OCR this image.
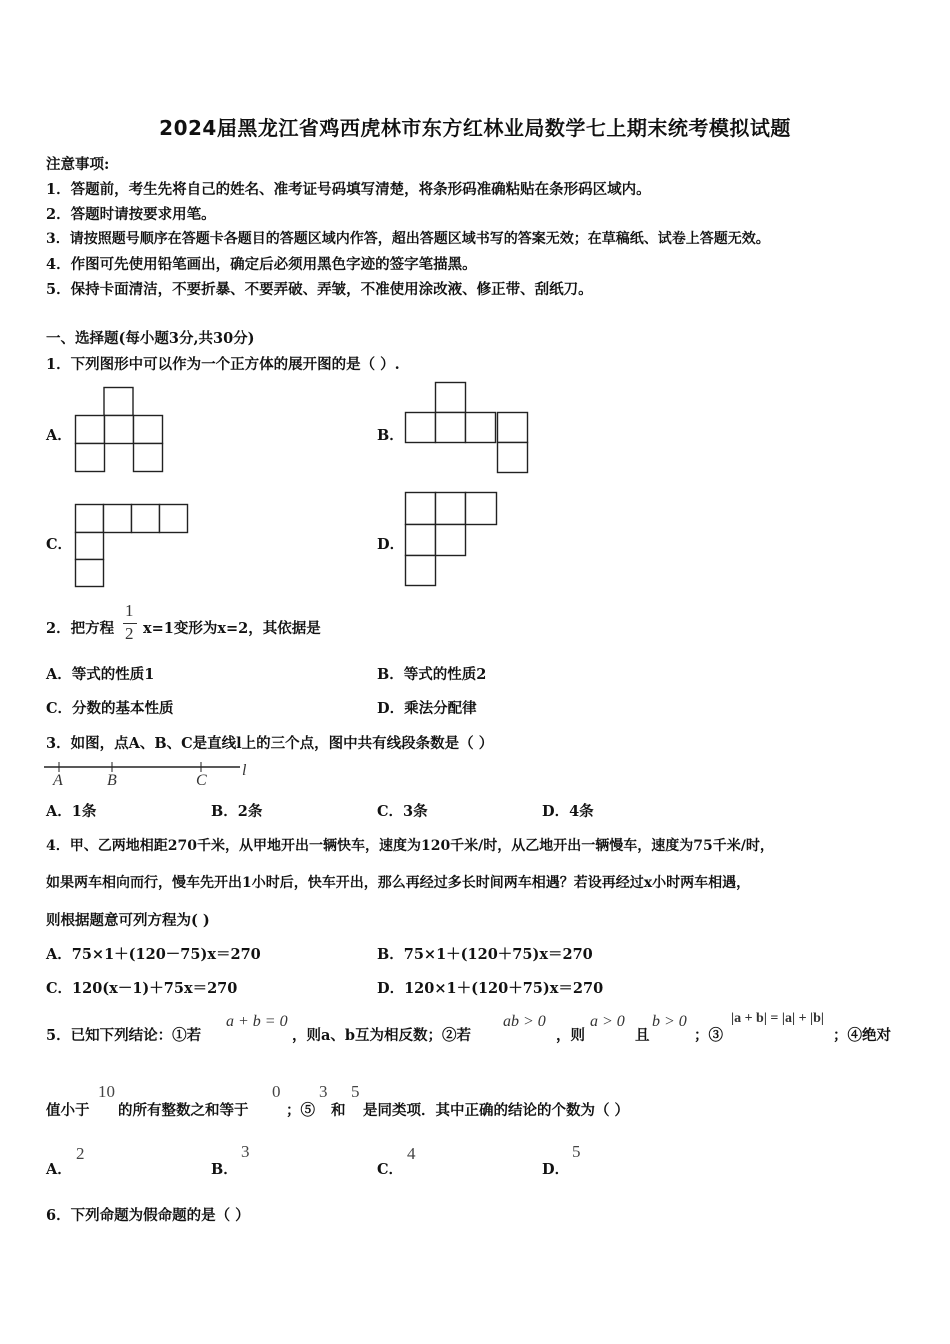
2024届黑龙江省鸡西虎林市东方红林业局数学七上期末统考模拟试题
注意事项:
1．答题前，考生先将自己的姓名、准考证号码填写清楚，将条形码准确粘贴在条形码区域内。
2．答题时请按要求用笔。
3．请按照题号顺序在答题卡各题目的答题区域内作答，超出答题区域书写的答案无效；在草稿纸、试卷上答题无效。
4．作图可先使用铅笔画出，确定后必须用黑色字迹的签字笔描黑。
5．保持卡面清洁，不要折暴、不要弄破、弄皱，不准使用涂改液、修正带、刮纸刀。
一、选择题(每小题3分,共30分)
1．下列图形中可以作为一个正方体的展开图的是（ ）.
A．	B．
C．	D．
2．把方程
1
2 x=1变形为x=2，其依据是
A．等式的性质1	B．等式的性质2
C．分数的基本性质	D．乘法分配律
3．如图，点A、B、C是直线l上的三个点，图中共有线段条数是（ ）
A	B	C
l
A．1条	B．2条	C．3条	D．4条
4．甲、乙两地相距270千米，从甲地开出一辆快车，速度为120千米/时，从乙地开出一辆慢车，速度为75千米/时，
如果两车相向而行，慢车先开出1小时后，快车开出，那么再经过多长时间两车相遇？若设再经过x小时两车相遇，
则根据题意可列方程为( )
A．75×1＋(120－75)x＝270	B．75×1＋(120＋75)x＝270
C．120(x－1)＋75x＝270	D．120×1＋(120＋75)x＝270
5．已知下列结论：①若
a + b = 0
，则a、b互为相反数；②若
ab > 0
，则
a > 0
且
b > 0
；③
|a + b| = |a| + |b|
；④绝对
值小于
10
的所有整数之和等于
0
；⑤
3
和
5
是同类项．其中正确的结论的个数为（ ）
A．
2
B．
3
C．
4
D．
5
6．下列命题为假命题的是（ ）
